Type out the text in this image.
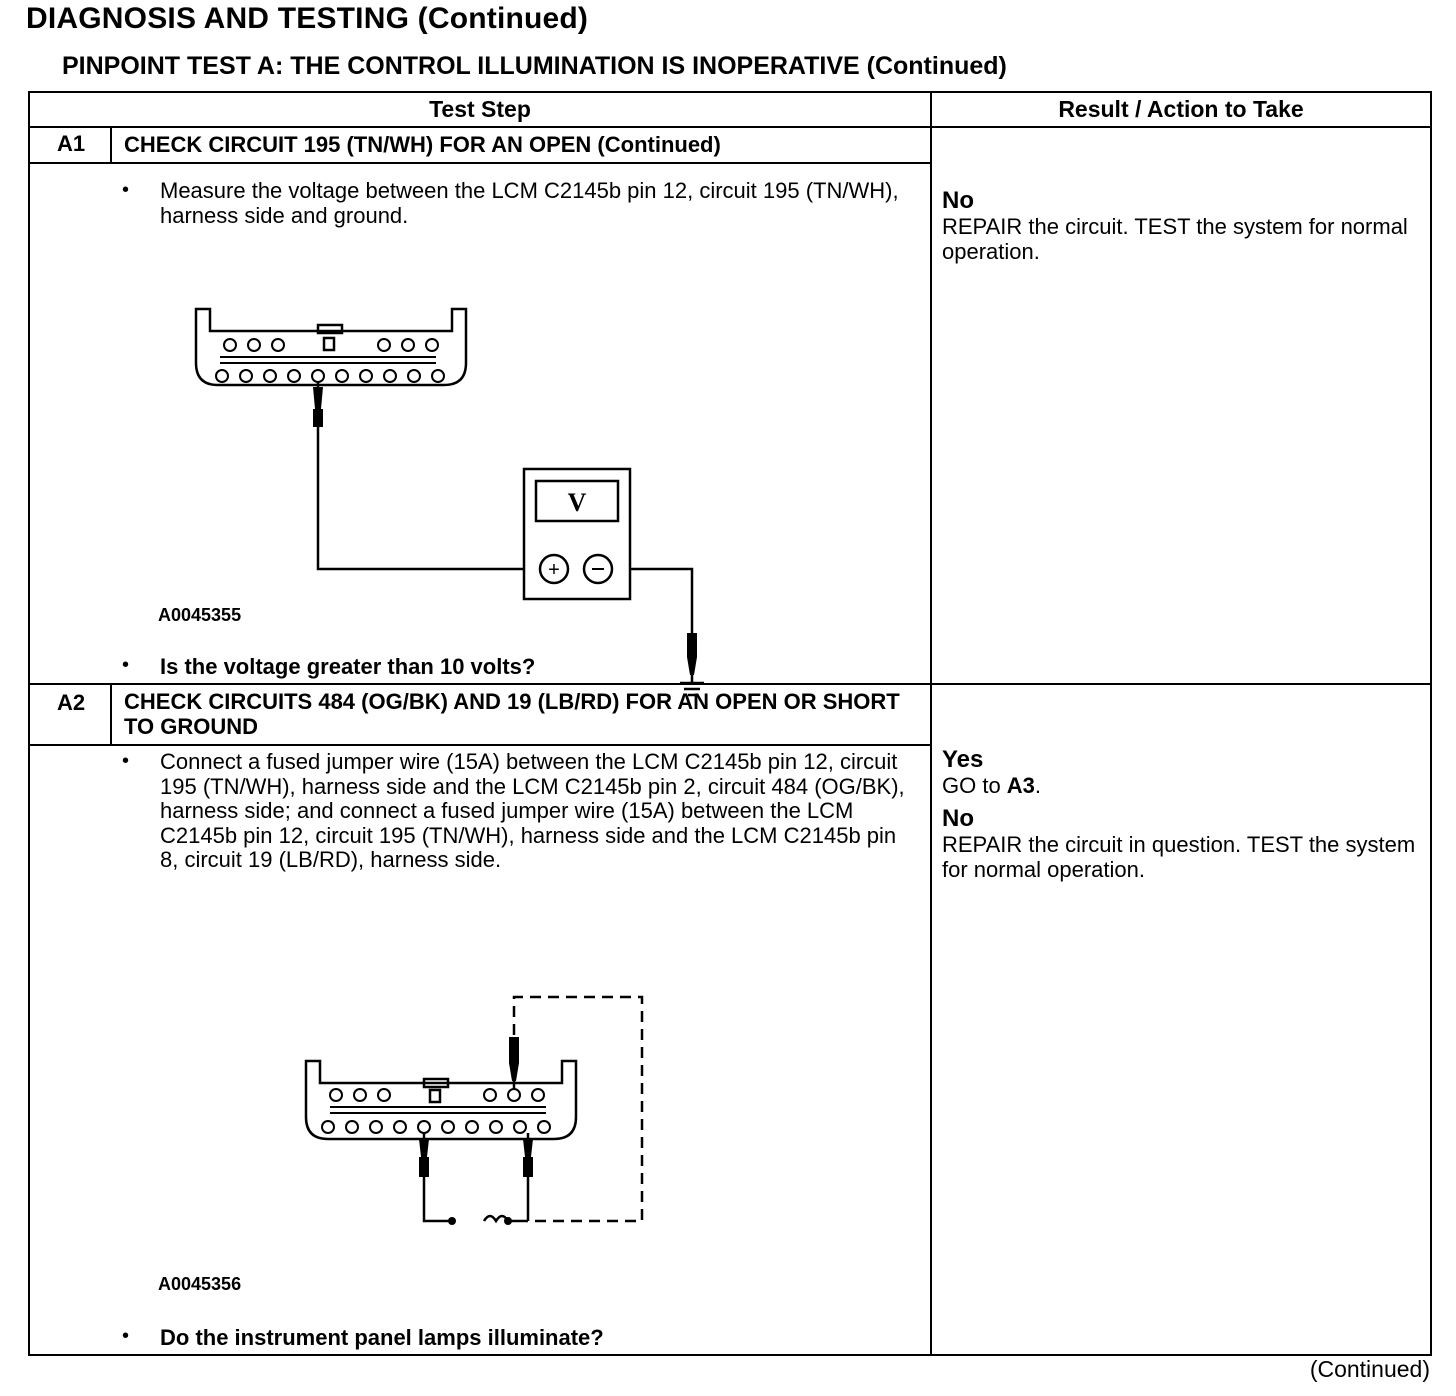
DIAGNOSIS AND TESTING (Continued)
PINPOINT TEST A: THE CONTROL ILLUMINATION IS INOPERATIVE (Continued)
Test Step	Result / Action to Take
A1	CHECK CIRCUIT 195 (TN/WH) FOR AN OPEN (Continued)
• Measure the voltage between the LCM C2145b pin 12, circuit 195 (TN/WH), harness side and ground.
V
+
A0045355
• Is the voltage greater than 10 volts?
No
REPAIR the circuit. TEST the system for normal operation.
A2	CHECK CIRCUITS 484 (OG/BK) AND 19 (LB/RD) FOR AN OPEN OR SHORT TO GROUND
• Connect a fused jumper wire (15A) between the LCM C2145b pin 12, circuit 195 (TN/WH), harness side and the LCM C2145b pin 2, circuit 484 (OG/BK), harness side; and connect a fused jumper wire (15A) between the LCM C2145b pin 12, circuit 195 (TN/WH), harness side and the LCM C2145b pin 8, circuit 19 (LB/RD), harness side.
A0045356
• Do the instrument panel lamps illuminate?
Yes
GO to A3.
No
REPAIR the circuit in question. TEST the system for normal operation.
(Continued)
